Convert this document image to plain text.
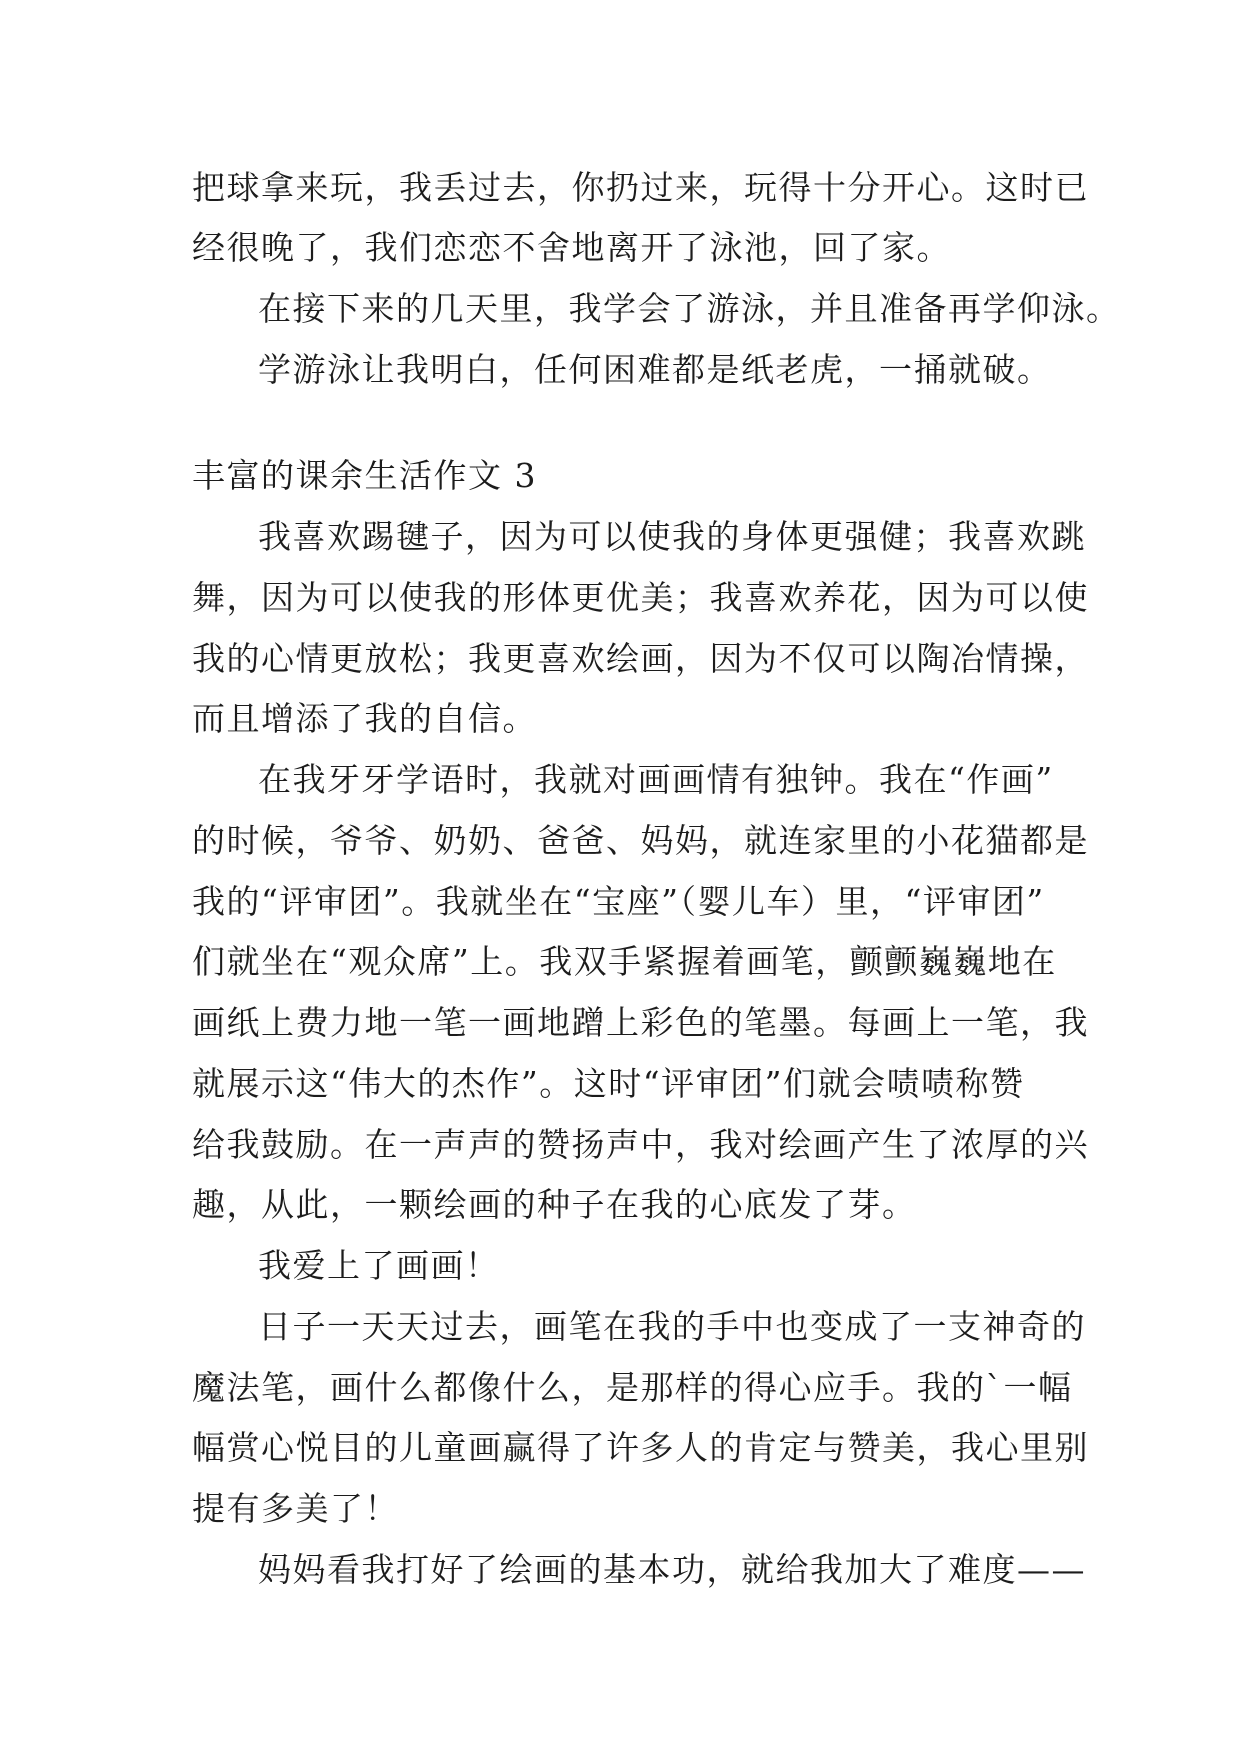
把球拿来玩，我丢过去，你扔过来，玩得十分开心。这时已
经很晚了，我们恋恋不舍地离开了泳池，回了家。
在接下来的几天里，我学会了游泳，并且准备再学仰泳。
学游泳让我明白，任何困难都是纸老虎，一捅就破。
丰富的课余生活作文 3
我喜欢踢毽子，因为可以使我的身体更强健；我喜欢跳
舞，因为可以使我的形体更优美；我喜欢养花，因为可以使
我的心情更放松；我更喜欢绘画，因为不仅可以陶冶情操，
而且增添了我的自信。
在我牙牙学语时，我就对画画情有独钟。我在“作画”
的时候，爷爷、奶奶、爸爸、妈妈，就连家里的小花猫都是
我的“评审团”。我就坐在“宝座”（婴儿车）里，“评审团”
们就坐在“观众席”上。我双手紧握着画笔，颤颤巍巍地在
画纸上费力地一笔一画地蹭上彩色的笔墨。每画上一笔，我
就展示这“伟大的杰作”。这时“评审团”们就会啧啧称赞
给我鼓励。在一声声的赞扬声中，我对绘画产生了浓厚的兴
趣，从此，一颗绘画的种子在我的心底发了芽。
我爱上了画画！
日子一天天过去，画笔在我的手中也变成了一支神奇的
魔法笔，画什么都像什么，是那样的得心应手。我的`一幅
幅赏心悦目的儿童画赢得了许多人的肯定与赞美，我心里别
提有多美了！
妈妈看我打好了绘画的基本功，就给我加大了难度——
